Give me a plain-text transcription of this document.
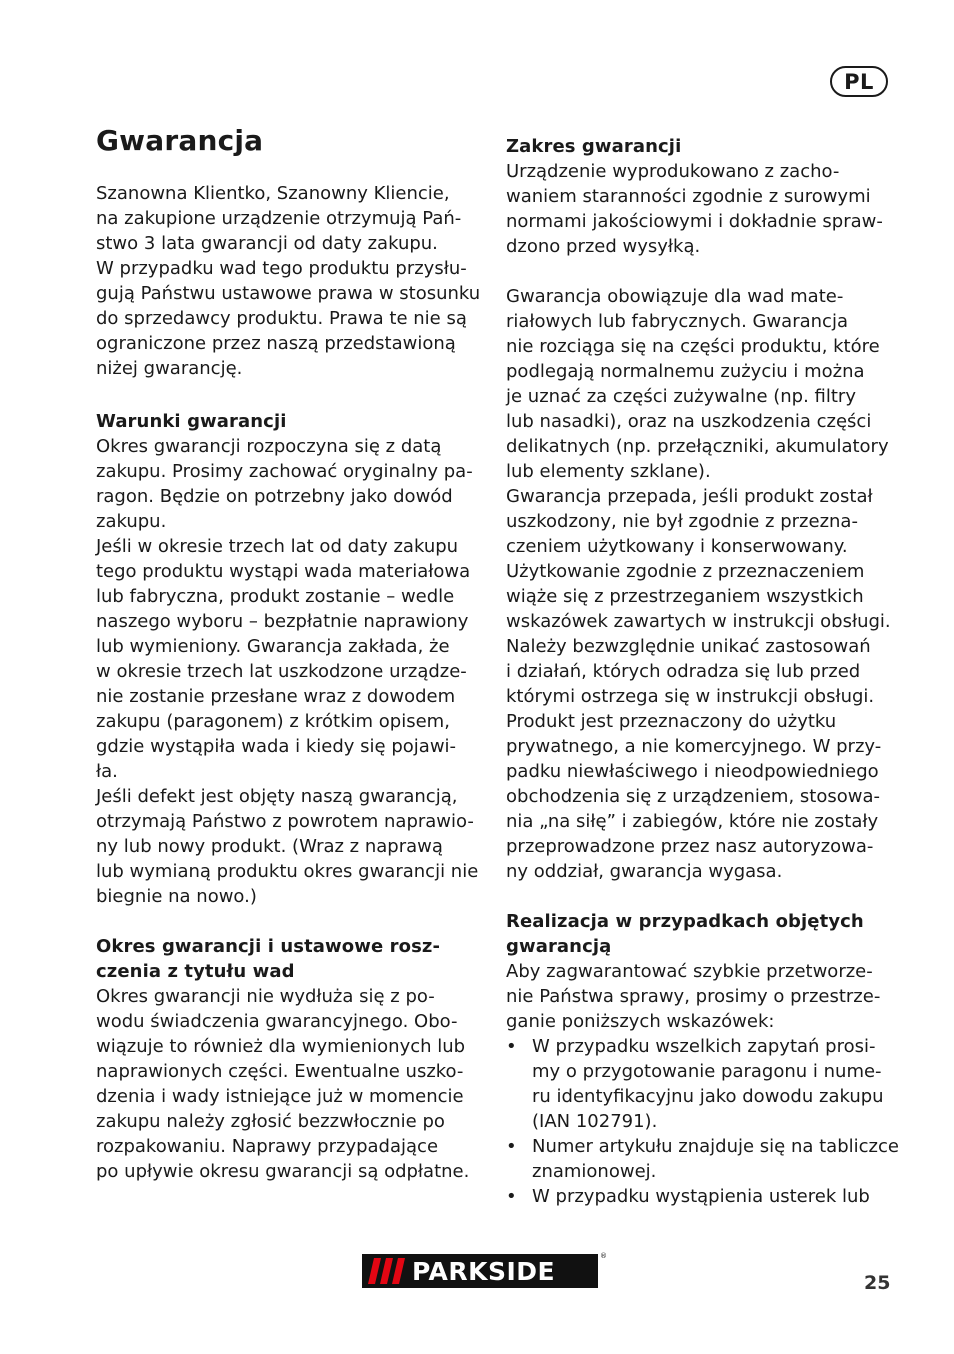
PL
Gwarancja

Szanowna Klientko, Szanowny Kliencie,

na zakupione urządzenie otrzymują Pań-

stwo 3 lata gwarancji od daty zakupu.

W przypadku wad tego produktu przysłu-

gują Państwu ustawowe prawa w stosunku

do sprzedawcy produktu. Prawa te nie są

ograniczone przez naszą przedstawioną

niżej gwarancję.

Warunki gwarancji

Okres gwarancji rozpoczyna się z datą

zakupu. Prosimy zachować oryginalny pa-

ragon. Będzie on potrzebny jako dowód

zakupu.

Jeśli w okresie trzech lat od daty zakupu

tego produktu wystąpi wada materiałowa

lub fabryczna, produkt zostanie – wedle

naszego wyboru – bezpłatnie naprawiony

lub wymieniony. Gwarancja zakłada, że

w okresie trzech lat uszkodzone urządze-

nie zostanie przesłane wraz z dowodem

zakupu (paragonem) z krótkim opisem,

gdzie wystąpiła wada i kiedy się pojawi-

ła.

Jeśli defekt jest objęty naszą gwarancją,

otrzymają Państwo z powrotem naprawio-

ny lub nowy produkt. (Wraz z naprawą

lub wymianą produktu okres gwarancji nie

biegnie na nowo.)

Okres gwarancji i ustawowe rosz-

czenia z tytułu wad

Okres gwarancji nie wydłuża się z po-

wodu świadczenia gwarancyjnego. Obo-

wiązuje to również dla wymienionych lub

naprawionych części. Ewentualne uszko-

dzenia i wady istniejące już w momencie

zakupu należy zgłosić bezzwłocznie po

rozpakowaniu. Naprawy przypadające

po upływie okresu gwarancji są odpłatne.

Zakres gwarancji

Urządzenie wyprodukowano z zacho-

waniem staranności zgodnie z surowymi

normami jakościowymi i dokładnie spraw-

dzono przed wysyłką.

Gwarancja obowiązuje dla wad mate-

riałowych lub fabrycznych. Gwarancja

nie rozciąga się na części produktu, które

podlegają normalnemu zużyciu i można

je uznać za części zużywalne (np. filtry

lub nasadki), oraz na uszkodzenia części

delikatnych (np. przełączniki, akumulatory

lub elementy szklane).

Gwarancja przepada, jeśli produkt został

uszkodzony, nie był zgodnie z przezna-

czeniem użytkowany i konserwowany.

Użytkowanie zgodnie z przeznaczeniem

wiąże się z przestrzeganiem wszystkich

wskazówek zawartych w instrukcji obsługi.

Należy bezwzględnie unikać zastosowań

i działań, których odradza się lub przed

którymi ostrzega się w instrukcji obsługi.

Produkt jest przeznaczony do użytku

prywatnego, a nie komercyjnego. W przy-

padku niewłaściwego i nieodpowiedniego

obchodzenia się z urządzeniem, stosowa-

nia „na siłę” i zabiegów, które nie zostały

przeprowadzone przez nasz autoryzowa-

ny oddział, gwarancja wygasa.

Realizacja w przypadkach objętych

gwarancją

Aby zagwarantować szybkie przetworze-

nie Państwa sprawy, prosimy o przestrze-

ganie poniższych wskazówek:

• W przypadku wszelkich zapytań prosi-

my o przygotowanie paragonu i nume-

ru identyfikacyjnu jako dowodu zakupu

(IAN 102791).

• Numer artykułu znajduje się na tabliczce

znamionowej.

• W przypadku wystąpienia usterek lub
PARKSIDE
®
25
